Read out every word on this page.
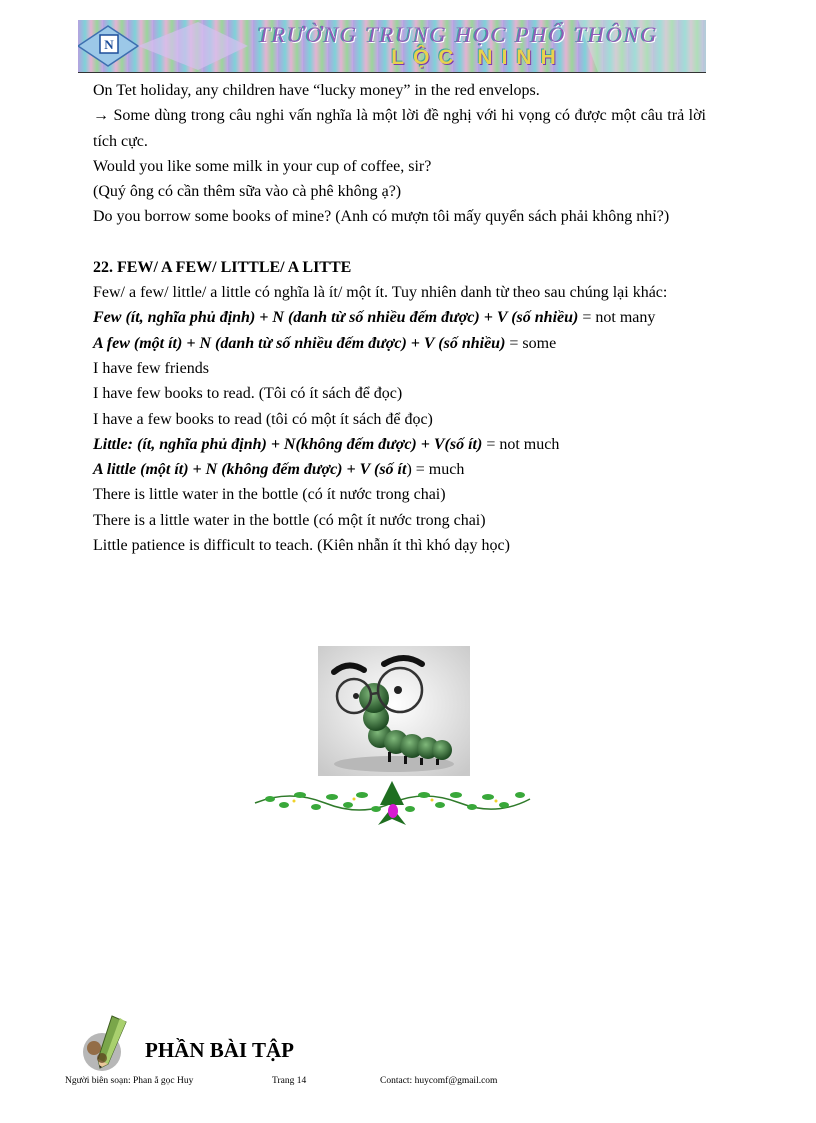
N	TRƯỜNG TRUNG HỌC PHỔ THÔNG
LỘC NINH

On Tet holiday, any children have “lucky money” in the red envelops.

→ Some dùng trong câu nghi vấn nghĩa là một lời đề nghị với hi vọng có được một câu trả lời tích cực.

Would you like some milk in your cup of coffee, sir?

(Quý ông có cần thêm sữa vào cà phê không ạ?)

Do you borrow some books of mine? (Anh có mượn tôi mấy quyển sách phải không nhỉ?)

22. FEW/ A FEW/ LITTLE/ A LITTE

Few/ a few/ little/ a little có nghĩa là ít/ một ít. Tuy nhiên danh từ theo sau chúng lại khác:

Few (ít, nghĩa phủ định) + N (danh từ số nhiều đếm được) + V (số nhiều) = not many

A few (một ít) + N (danh từ số nhiều đếm được) + V (số nhiều) = some

I have few friends

I have few books to read. (Tôi có ít sách để đọc)

I have a few books to read (tôi có một ít sách để đọc)

Little: (ít, nghĩa phủ định) + N(không đếm được) + V(số ít) = not much

A little (một ít) + N (không đếm được) + V (số ít) = much

There is little water in the bottle (có ít nước trong chai)

There is a little water in the bottle (có một ít nước trong chai)

Little patience is difficult to teach. (Kiên nhẫn ít thì khó dạy học)

PHẦN BÀI TẬP
Người biên soạn: Phan ắ gọc Huy	Trang 14	Contact: huycomf@gmail.com
